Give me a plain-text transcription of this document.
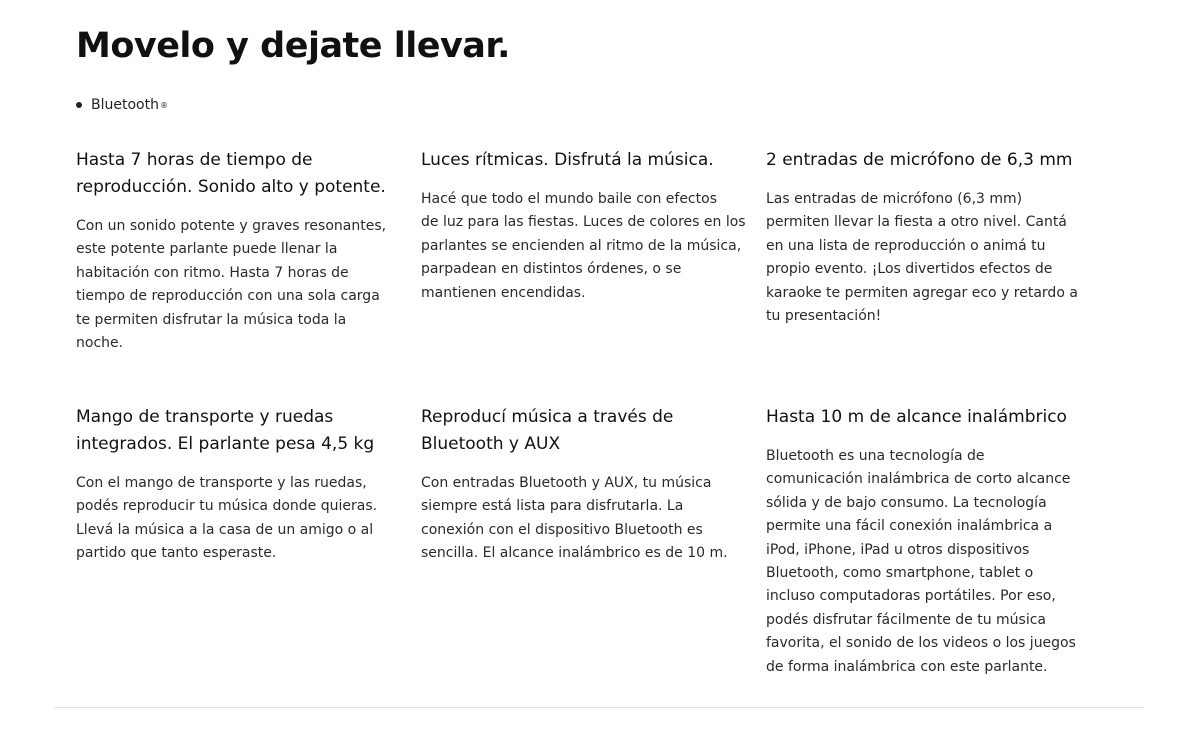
Movelo y dejate llevar.
Bluetooth ®
Hasta 7 horas de tiempo de
reproducción. Sonido alto y potente.

Con un sonido potente y graves resonantes,
este potente parlante puede llenar la
habitación con ritmo. Hasta 7 horas de
tiempo de reproducción con una sola carga
te permiten disfrutar la música toda la
noche.

Luces rítmicas. Disfrutá la música.

Hacé que todo el mundo baile con efectos
de luz para las fiestas. Luces de colores en los
parlantes se encienden al ritmo de la música,
parpadean en distintos órdenes, o se
mantienen encendidas.

2 entradas de micrófono de 6,3 mm

Las entradas de micrófono (6,3 mm)
permiten llevar la fiesta a otro nivel. Cantá
en una lista de reproducción o animá tu
propio evento. ¡Los divertidos efectos de
karaoke te permiten agregar eco y retardo a
tu presentación!

Mango de transporte y ruedas
integrados. El parlante pesa 4,5 kg

Con el mango de transporte y las ruedas,
podés reproducir tu música donde quieras.
Llevá la música a la casa de un amigo o al
partido que tanto esperaste.

Reproducí música a través de
Bluetooth y AUX

Con entradas Bluetooth y AUX, tu música
siempre está lista para disfrutarla. La
conexión con el dispositivo Bluetooth es
sencilla. El alcance inalámbrico es de 10 m.

Hasta 10 m de alcance inalámbrico

Bluetooth es una tecnología de
comunicación inalámbrica de corto alcance
sólida y de bajo consumo. La tecnología
permite una fácil conexión inalámbrica a
iPod, iPhone, iPad u otros dispositivos
Bluetooth, como smartphone, tablet o
incluso computadoras portátiles. Por eso,
podés disfrutar fácilmente de tu música
favorita, el sonido de los videos o los juegos
de forma inalámbrica con este parlante.
